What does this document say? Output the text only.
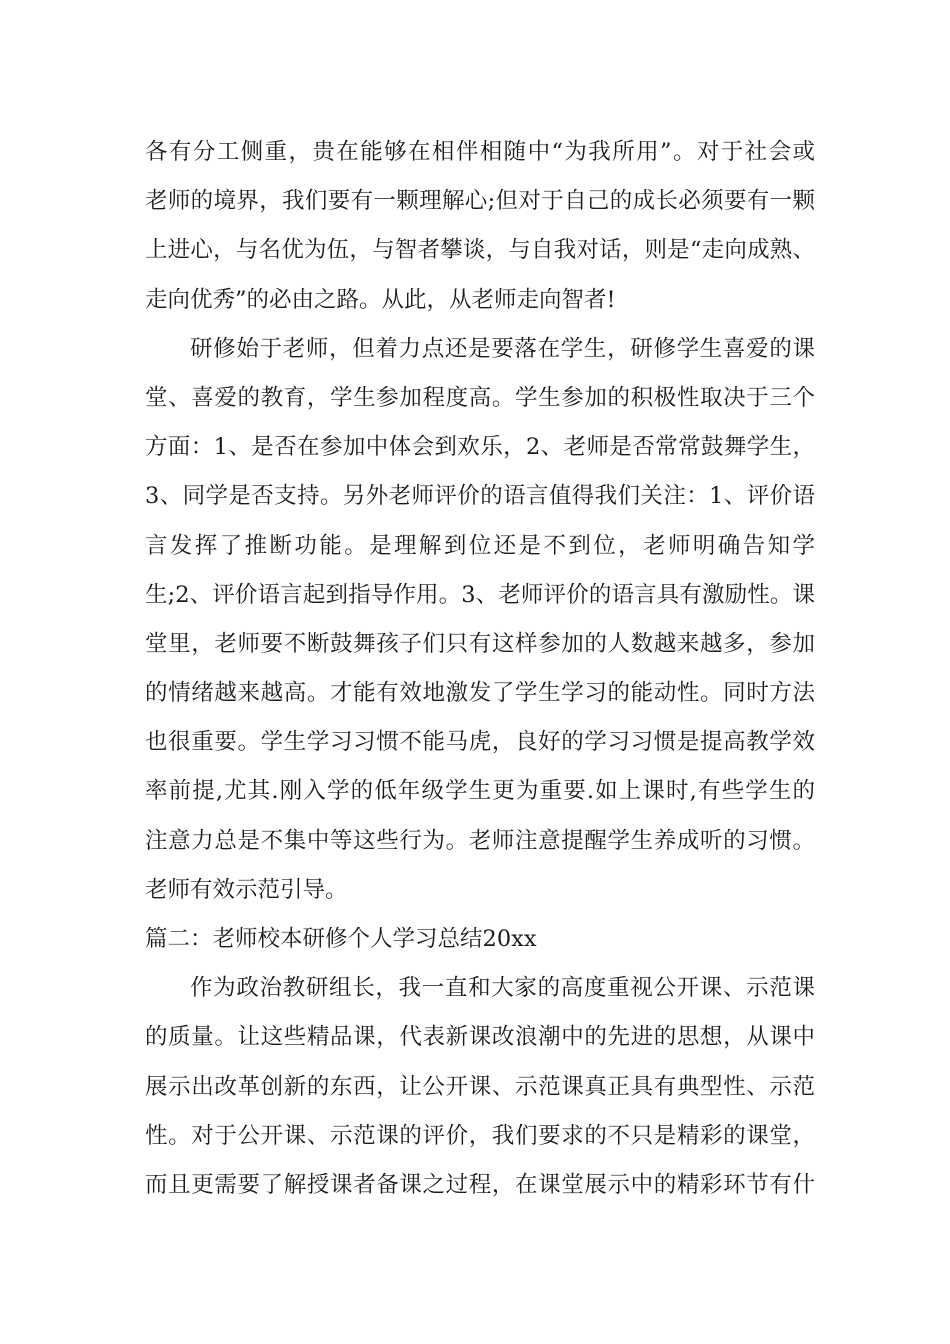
各有分工侧重，贵在能够在相伴相随中“为我所用”。对于社会或
老师的境界，我们要有一颗理解心;但对于自己的成长必须要有一颗
上进心，与名优为伍，与智者攀谈，与自我对话，则是“走向成熟、
走向优秀”的必由之路。从此，从老师走向智者!
研修始于老师，但着力点还是要落在学生，研修学生喜爱的课
堂、喜爱的教育，学生参加程度高。学生参加的积极性取决于三个
方面：1、是否在参加中体会到欢乐，2、老师是否常常鼓舞学生，
3、同学是否支持。另外老师评价的语言值得我们关注：1、评价语
言发挥了推断功能。是理解到位还是不到位，老师明确告知学
生;2、评价语言起到指导作用。3、老师评价的语言具有激励性。课
堂里，老师要不断鼓舞孩子们只有这样参加的人数越来越多，参加
的情绪越来越高。才能有效地激发了学生学习的能动性。同时方法
也很重要。学生学习习惯不能马虎，良好的学习习惯是提高教学效
率前提,尤其.刚入学的低年级学生更为重要.如上课时,有些学生的
注意力总是不集中等这些行为。老师注意提醒学生养成听的习惯。
老师有效示范引导。
篇二：老师校本研修个人学习总结20xx
作为政治教研组长，我一直和大家的高度重视公开课、示范课
的质量。让这些精品课，代表新课改浪潮中的先进的思想，从课中
展示出改革创新的东西，让公开课、示范课真正具有典型性、示范
性。对于公开课、示范课的评价，我们要求的不只是精彩的课堂，
而且更需要了解授课者备课之过程，在课堂展示中的精彩环节有什
